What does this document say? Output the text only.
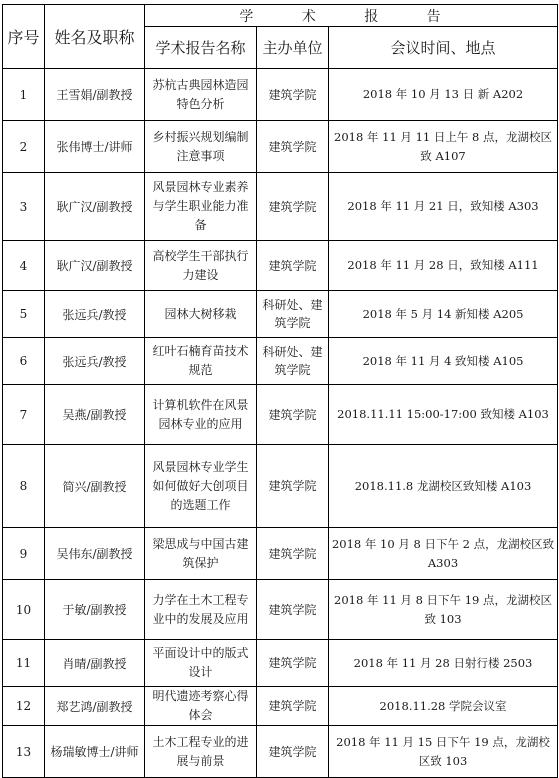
序号	姓名及职称	学 术 报 告		
		学术报告名称	主办单位	会议时间、地点
1	王雪娟/副教授	苏杭古典园林造园特色分析	建筑学院	2018 年 10 月 13 日 新 A202
2	张伟博士/讲师	乡村振兴规划编制注意事项	建筑学院	2018 年 11 月 11 日上午 8 点，龙湖校区致 A107
3	耿广汉/副教授	风景园林专业素养与学生职业能力准备	建筑学院	2018 年 11 月 21 日，致知楼 A303
4	耿广汉/副教授	高校学生干部执行力建设	建筑学院	2018 年 11 月 28 日，致知楼 A111
5	张远兵/教授	园林大树移栽	科研处、建筑学院	2018 年 5 月 14 新知楼 A205
6	张远兵/教授	红叶石楠育苗技术规范	科研处、建筑学院	2018 年 11 月 4 致知楼 A105
7	吴燕/副教授	计算机软件在风景园林专业的应用	建筑学院	2018.11.11 15:00-17:00 致知楼 A103
8	简兴/副教授	风景园林专业学生如何做好大创项目的选题工作	建筑学院	2018.11.8 龙湖校区致知楼 A103
9	吴伟东/副教授	梁思成与中国古建筑保护	建筑学院	2018 年 10 月 8 日下午 2 点，龙湖校区致 A303
10	于敏/副教授	力学在土木工程专业中的发展及应用	建筑学院	2018 年 11 月 8 日下午 19 点，龙湖校区致 103
11	肖晴/副教授	平面设计中的版式设计	建筑学院	2018 年 11 月 28 日射行楼 2503
12	郑艺鸿/副教授	明代遗迹考察心得体会	建筑学院	2018.11.28 学院会议室
13	杨瑞敏博士/讲师	土木工程专业的进展与前景	建筑学院	2018 年 11 月 15 日下午 19 点，龙湖校区致 103
